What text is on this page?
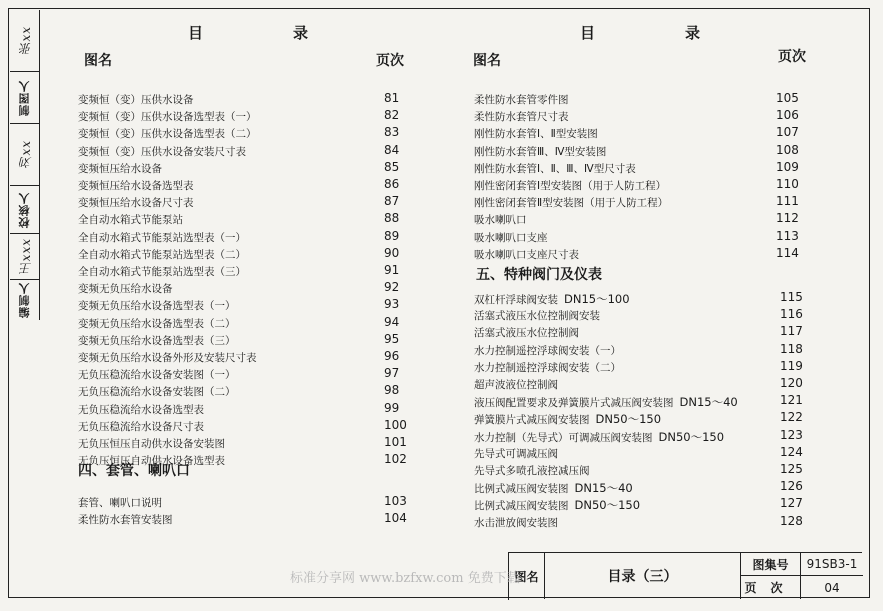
张xx
制图人
刘xx
校核人
王xxx
编制人
目录
图名	页次
变频恒（变）压供水设备	81
变频恒（变）压供水设备选型表（一）	82
变频恒（变）压供水设备选型表（二）	83
变频恒（变）压供水设备安装尺寸表	84
变频恒压给水设备	85
变频恒压给水设备选型表	86
变频恒压给水设备尺寸表	87
全自动水箱式节能泵站	88
全自动水箱式节能泵站选型表（一）	89
全自动水箱式节能泵站选型表（二）	90
全自动水箱式节能泵站选型表（三）	91
变频无负压给水设备	92
变频无负压给水设备选型表（一）	93
变频无负压给水设备选型表（二）	94
变频无负压给水设备选型表（三）	95
变频无负压给水设备外形及安装尺寸表	96
无负压稳流给水设备安装图（一）	97
无负压稳流给水设备安装图（二）	98
无负压稳流给水设备选型表	99
无负压稳流给水设备尺寸表	100
无负压恒压自动供水设备安装图	101
无负压恒压自动供水设备选型表	102
四、套管、喇叭口
套管、喇叭口说明	103
柔性防水套管安装图	104
目录
图名	页次
柔性防水套管零件图	105
柔性防水套管尺寸表	106
刚性防水套管Ⅰ、Ⅱ型安装图	107
刚性防水套管Ⅲ、Ⅳ型安装图	108
刚性防水套管Ⅰ、Ⅱ、Ⅲ、Ⅳ型尺寸表	109
刚性密闭套管Ⅰ型安装图（用于人防工程）	110
刚性密闭套管Ⅱ型安装图（用于人防工程）	111
吸水喇叭口	112
吸水喇叭口支座	113
吸水喇叭口支座尺寸表	114
五、特种阀门及仪表
双杠杆浮球阀安装 DN15～100	115
活塞式液压水位控制阀安装	116
活塞式液压水位控制阀	117
水力控制遥控浮球阀安装（一）	118
水力控制遥控浮球阀安装（二）	119
超声波液位控制阀	120
液压阀配置要求及弹簧膜片式减压阀安装图 DN15～40	121
弹簧膜片式减压阀安装图 DN50～150	122
水力控制（先导式）可调减压阀安装图 DN50～150	123
先导式可调减压阀	124
先导式多喷孔液控减压阀	125
比例式减压阀安装图 DN15～40	126
比例式减压阀安装图 DN50～150	127
水击泄放阀安装图	128
图名	目录（三）
图集号	91SB3-1
页次	04
标准分享网 www.bzfxw.com 免费下载
